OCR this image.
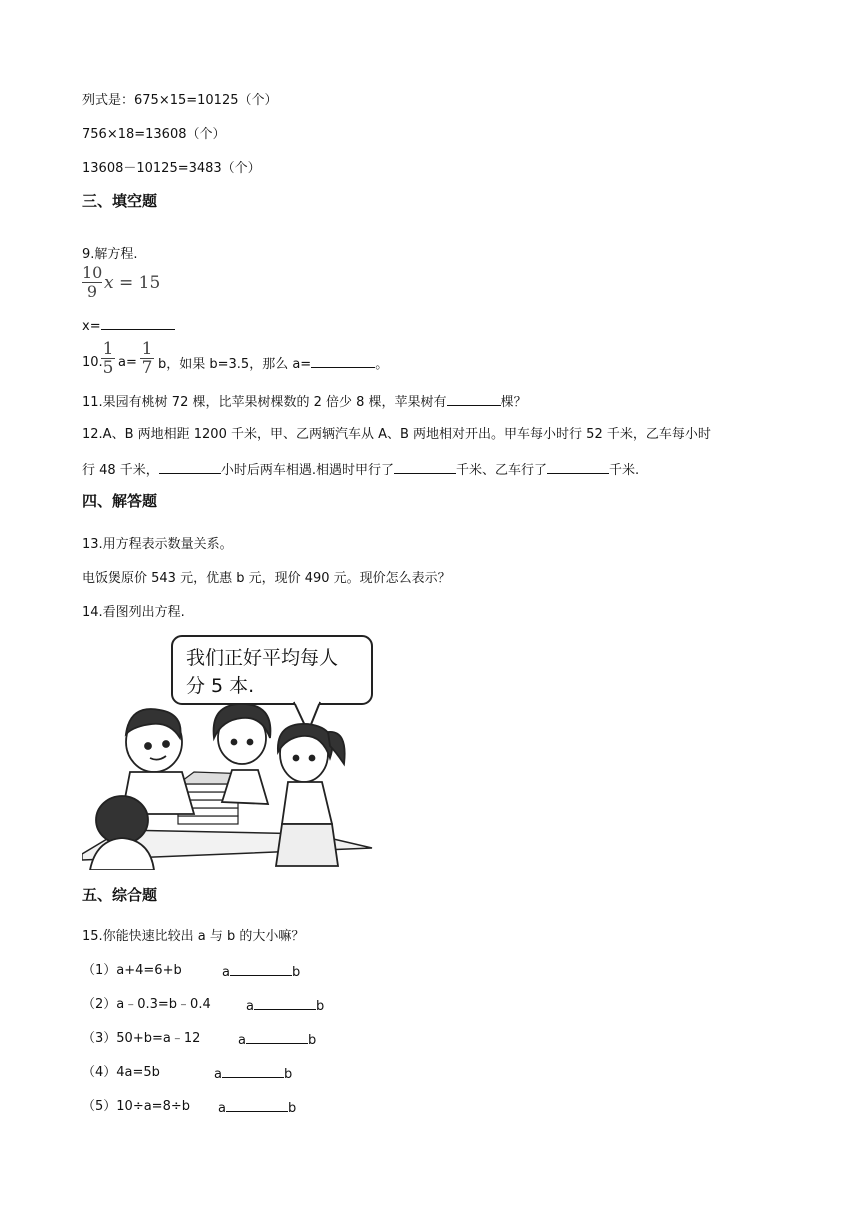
列式是：675×15=10125（个）
756×18=13608（个）
13608－10125=3483（个）
三、填空题
9.解方程.
10
9 x = 15
x=
10.
1
5 a=
1
7 b，如果 b=3.5，那么 a=	。
11.果园有桃树 72 棵，比苹果树棵数的 2 倍少 8 棵，苹果树有	棵？
12.A、B 两地相距 1200 千米，甲、乙两辆汽车从 A、B 两地相对开出。甲车每小时行 52 千米，乙车每小时
行 48 千米，	小时后两车相遇.相遇时甲行了	千米、乙车行了	千米.
四、解答题
13.用方程表示数量关系。
电饭煲原价 543 元，优惠 b 元，现价 490 元。现价怎么表示？
14.看图列出方程.
我们正好平均每人
分 5 本.
五、综合题
15.你能快速比较出 a 与 b 的大小嘛？
（1）a+4=6+b	a	b
（2）a﹣0.3=b﹣0.4	a	b
（3）50+b=a﹣12	a	b
（4）4a=5b	a	b
（5）10÷a=8÷b a	b
